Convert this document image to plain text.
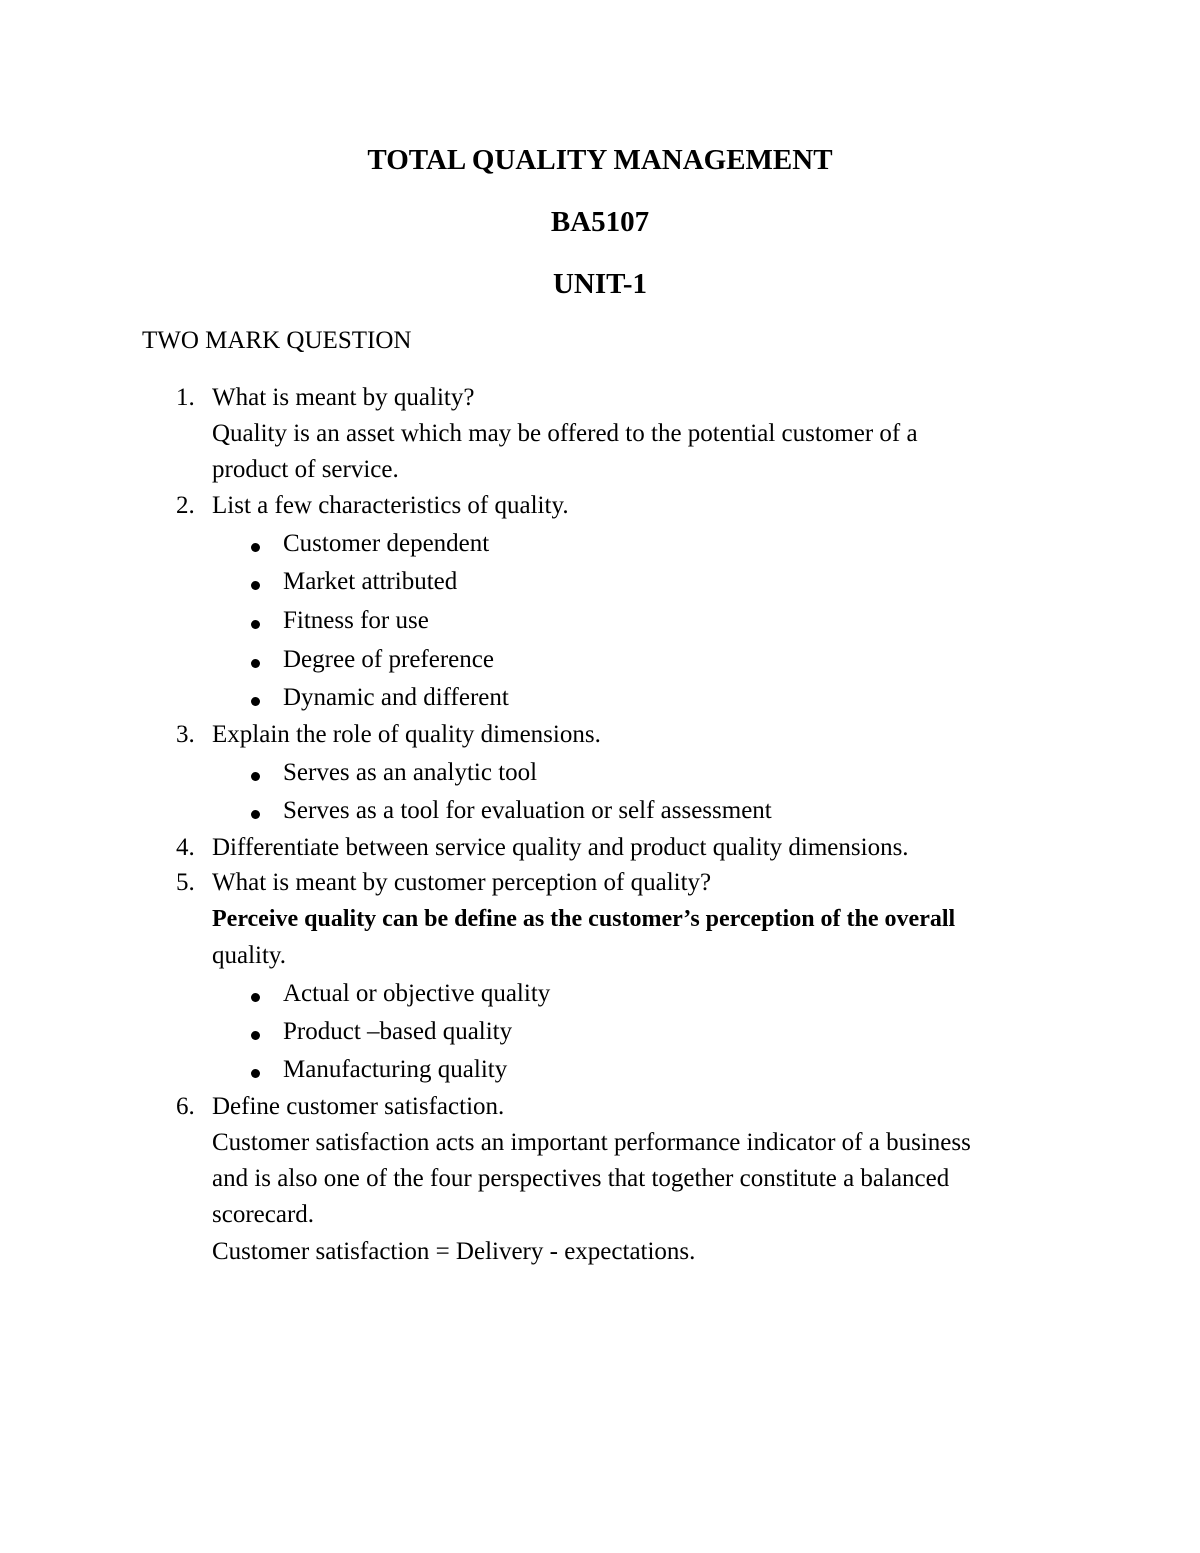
TOTAL QUALITY MANAGEMENT
BA5107
UNIT-1

TWO MARK QUESTION

1. What is meant by quality?

Quality is an asset which may be offered to the potential customer of a

product of service.

2. List a few characteristics of quality.

Customer dependent

Market attributed

Fitness for use

Degree of preference

Dynamic and different

3. Explain the role of quality dimensions.

Serves as an analytic tool

Serves as a tool for evaluation or self assessment

4. Differentiate between service quality and product quality dimensions.

5. What is meant by customer perception of quality?

Perceive quality can be define as the customer’s perception of the overall

quality.

Actual or objective quality

Product –based quality

Manufacturing quality

6. Define customer satisfaction.

Customer satisfaction acts an important performance indicator of a business

and is also one of the four perspectives that together constitute a balanced

scorecard.

Customer satisfaction = Delivery - expectations.
